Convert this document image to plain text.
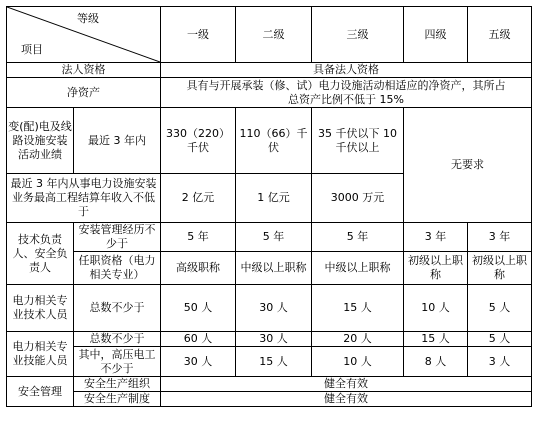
等级
项目		一级	二级	三级	四级	五级
法人资格		具备法人资格				
净资产		具有与开展承装（修、试）电力设施活动相适应的净资产，其所占
总资产比例不低于 15%				

变(配)电及线路设施安装活动业绩	最近 3 年内	330（220）千伏	110（66）千伏	35 千伏以下 10 千伏以上	无要求	
最近 3 年内从事电力设施安装业务最高工程结算年收入不低于		2 亿元	1 亿元	3000 万元		
技术负责人、安全负责人	安装管理经历不少于	5 年	5 年	5 年	3 年	3 年
	任职资格（电力相关专业）	高级职称	中级以上职称	中级以上职称	初级以上职称	初级以上职称
电力相关专业技术人员	总数不少于	50 人	30 人	15 人	10 人	5 人
电力相关专业技能人员	总数不少于	60 人	30 人	20 人	15 人	5 人
	其中，高压电工不少于	30 人	15 人	10 人	8 人	3 人
安全管理	安全生产组织	健全有效				
	安全生产制度	健全有效				
